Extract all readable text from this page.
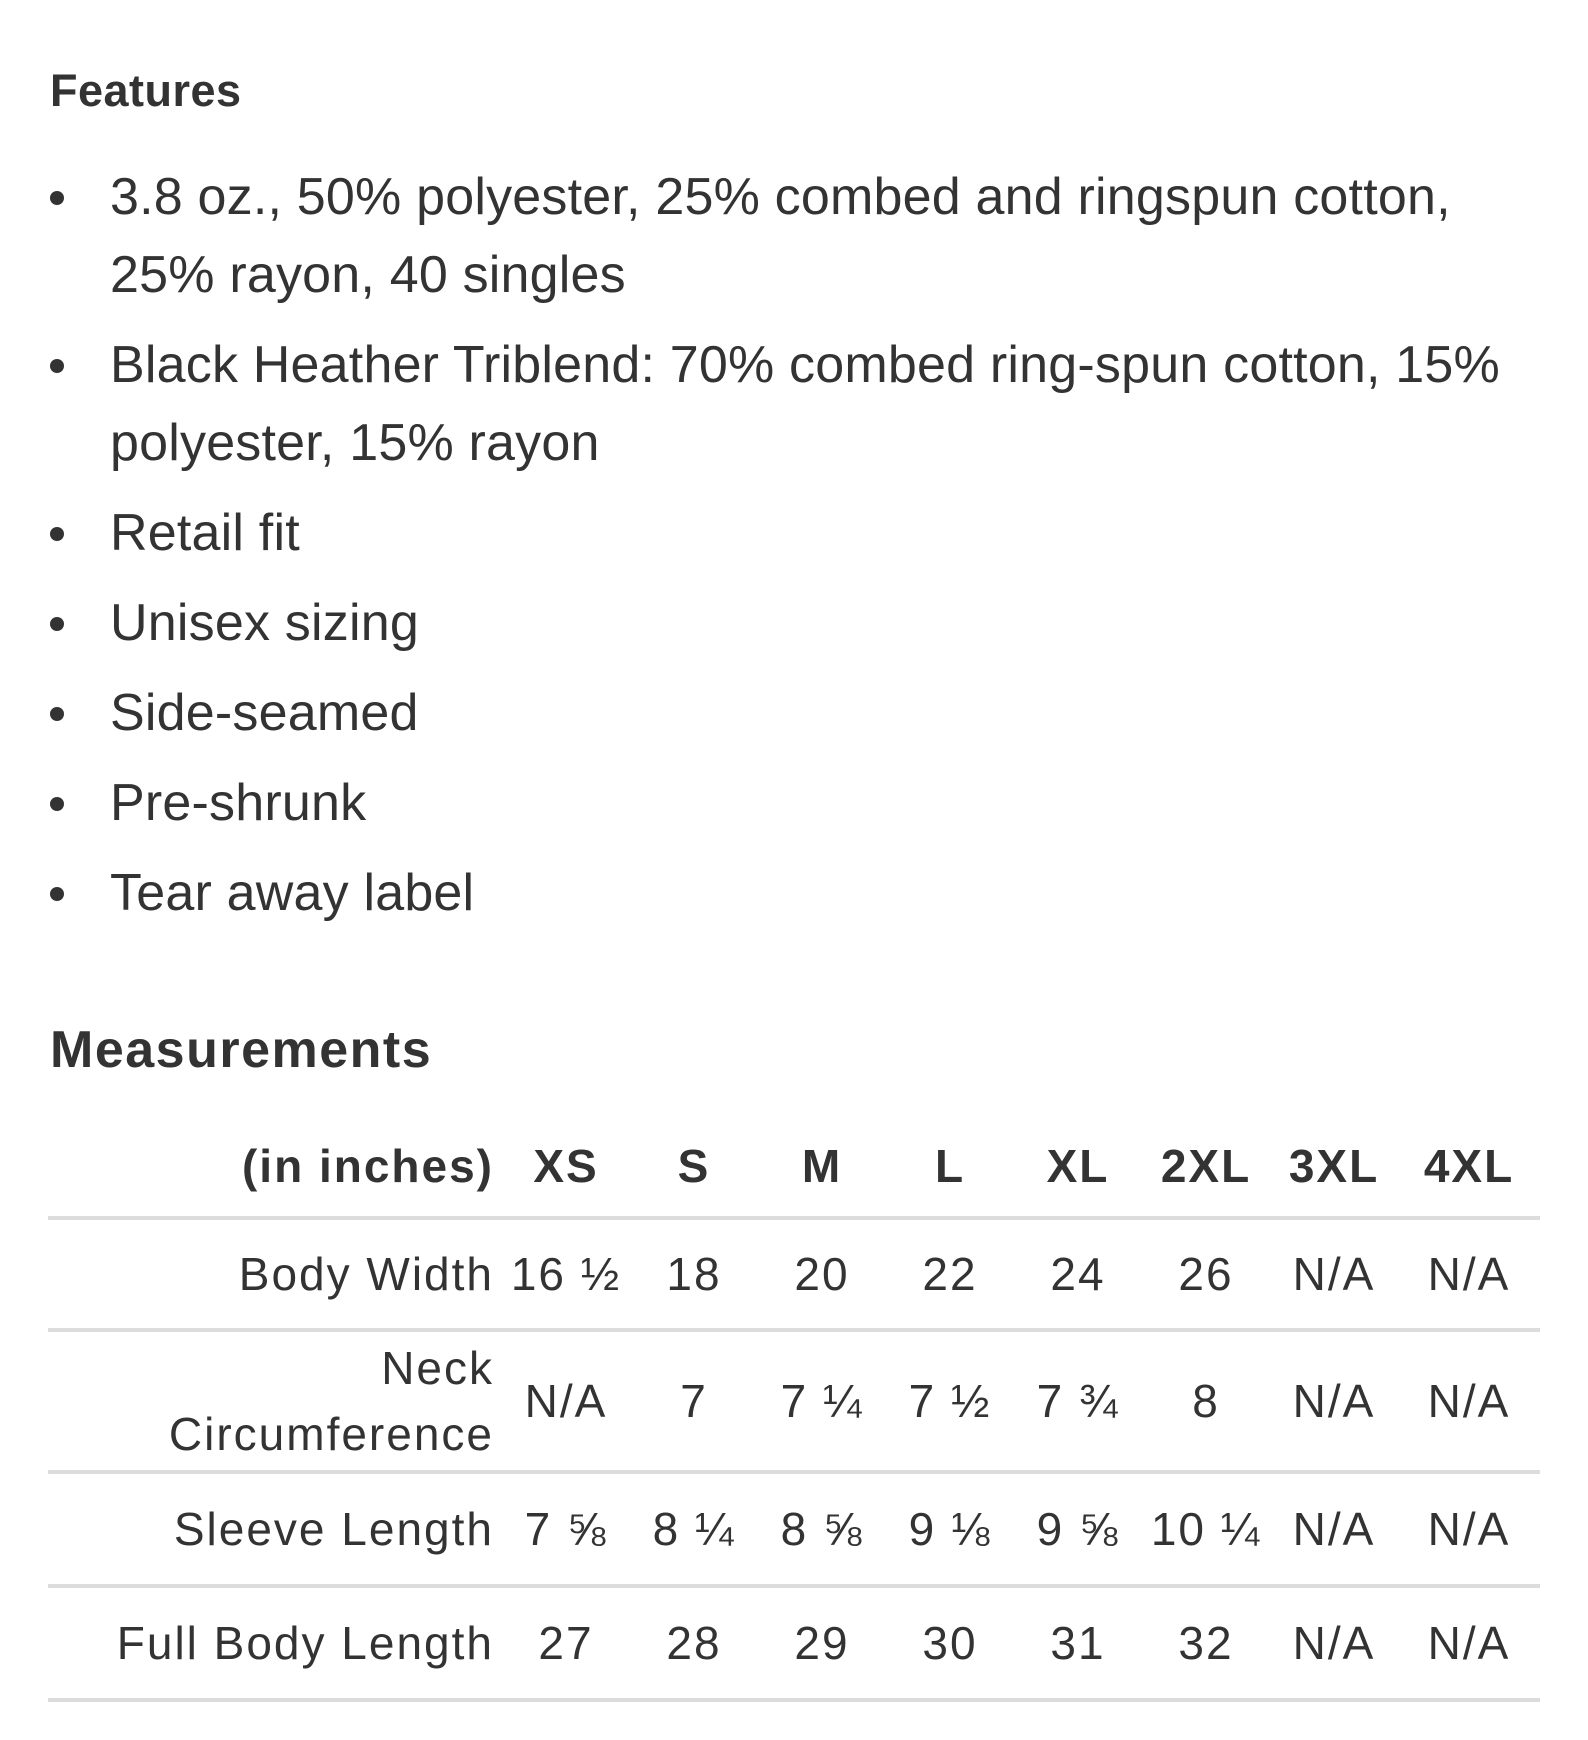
Features
3.8 oz., 50% polyester, 25% combed and ringspun cotton, 25% rayon, 40 singles
Black Heather Triblend: 70% combed ring-spun cotton, 15% polyester, 15% rayon
Retail fit
Unisex sizing
Side-seamed
Pre-shrunk
Tear away label
Measurements
(in inches)	XS	S	M	L	XL	2XL	3XL	4XL
Body Width	16 ½	18	20	22	24	26	N/A	N/A
Neck Circumference	N/A	7	7 ¼	7 ½	7 ¾	8	N/A	N/A
Sleeve Length	7 ⅝	8 ¼	8 ⅝	9 ⅛	9 ⅝	10 ¼	N/A	N/A
Full Body Length	27	28	29	30	31	32	N/A	N/A
